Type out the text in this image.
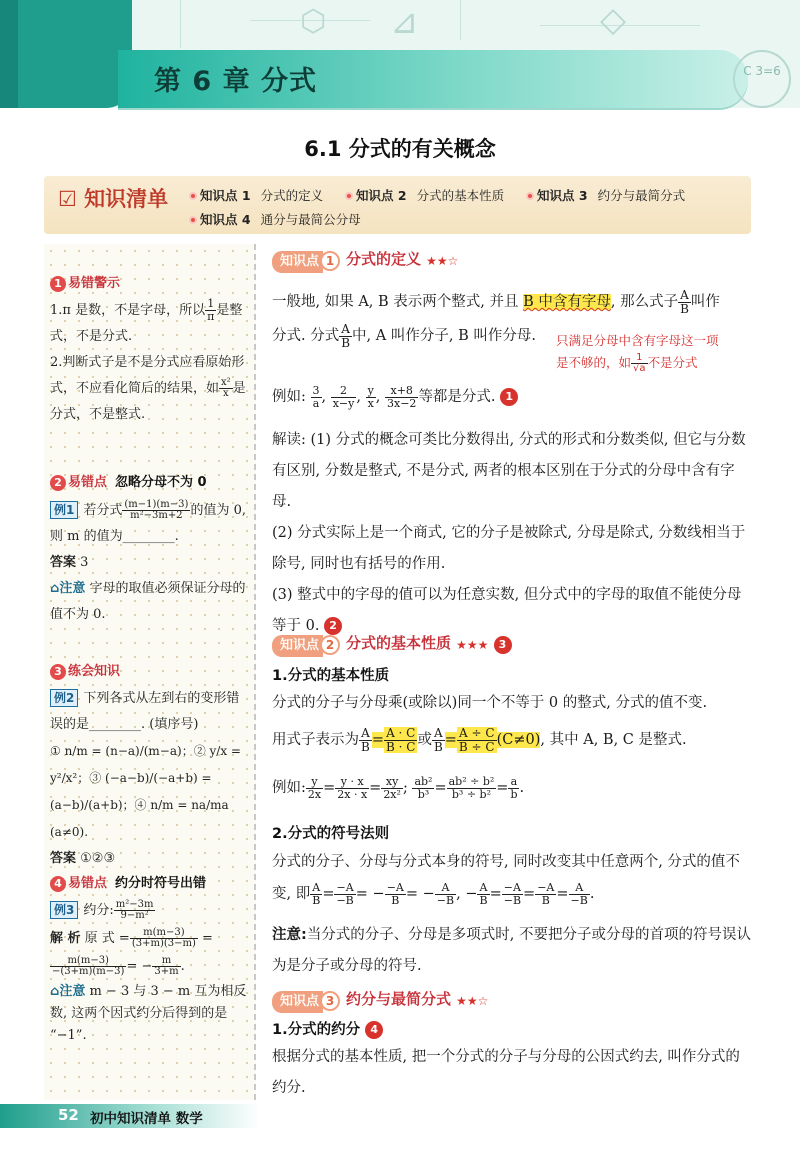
⬡ ⊿	◇
第 6 章 分式	C 3=6
6.1 分式的有关概念
☑ 知识清单	知识点 1 分式的定义	知识点 2 分式的基本性质	知识点 3 约分与最简分式
知识点 4 通分与最简公分母
1 易错警示
1.π 是数，不是字母，所以 $\frac{1}{\pi}$ 是整式，不是分式.
2.判断式子是不是分式应看原始形式，不应看化简后的结果，如 $\frac{\text{x²}}{x}$ 是分式，不是整式.
2 易错点 忽略分母不为 0
例1 若分式 $\frac{(m-1)(m-3)}{\text{m²−3m+2}}$ 的值为 0, 则 m 的值为________.
答案 3
⌂注意 字母的取值必须保证分母的值不为 0.
3 练会知识
例2 下列各式从左到右的变形错误的是________. (填序号)
① n/m = (n−a)/(m−a)；② y/x = y²/x²；③ (−a−b)/(−a+b) =
(a−b)/(a+b)；④ n/m = na/ma (a≠0).
答案 ①②③
4 易错点 约分时符号出错
例3 约分: $\frac{\text{m²−3m}}{\text{9−m²}}$

解 析 原 式 = $\frac{m(m-3)}{(3+m)(3-m)}$ =

$\frac{m(m-3)}{-(3+m)(m-3)}$ = − $\frac{m}{3+m}$ .

⌂注意 m − 3 与 3 − m 互为相反数, 这两个因式约分后得到的是 “−1”.
知识点 1 分式的定义 ★★☆
一般地, 如果 A, B 表示两个整式, 并且 B 中含有字母, 那么式子 $\frac{A}{B}$ 叫作
分式. 分式 $\frac{A}{B}$ 中, A 叫作分子, B 叫作分母.	只满足分母中含有字母这一项
是不够的，如 $\frac{1}{√a}$ 不是分式
例如: $\frac{3}{a}$ , $\frac{2}{x-y}$ , $\frac{y}{x}$ , $\frac{x+8}{3x-2}$ 等都是分式. 1
解读: (1) 分式的概念可类比分数得出, 分式的形式和分数类似, 但它与分数有区别, 分数是整式, 不是分式, 两者的根本区别在于分式的分母中含有字母.
(2) 分式实际上是一个商式, 它的分子是被除式, 分母是除式, 分数线相当于除号, 同时也有括号的作用.
(3) 整式中的字母的值可以为任意实数, 但分式中的字母的取值不能使分母等于 0. 2
知识点 2 分式的基本性质 ★★★ 3
1.分式的基本性质
分式的分子与分母乘(或除以)同一个不等于 0 的整式, 分式的值不变.
用式子表示为 $\frac{A}{B} = \frac{A \cdot C}{B \cdot C}$ 或 $\frac{A}{B} = \frac{A \div C}{B \div C} (C\ne 0)$, 其中 A, B, C 是整式.
例如: $\frac{y}{2x} = \frac{y \cdot x}{2x \cdot x} = \frac{xy}{\text{2x²}}$ ; $\frac{\text{ab²}}{\text{b³}} = \frac{\text{ab² ÷ b²}}{\text{b³ ÷ b²}} = \frac{a}{b}$ .
2.分式的符号法则
分式的分子、分母与分式本身的符号, 同时改变其中任意两个, 分式的值不变, 即 $\frac{A}{B} = \frac{-A}{-B}$ = − $\frac{-A}{B}$ = − $\frac{A}{-B}$ , − $\frac{A}{B} = \frac{-A}{-B} = \frac{-A}{B} = \frac{A}{-B}$ .
注意:当分式的分子、分母是多项式时, 不要把分子或分母的首项的符号误认为是分子或分母的符号.
知识点 3 约分与最简分式 ★★☆
1.分式的约分 4
根据分式的基本性质, 把一个分式的分子与分母的公因式约去, 叫作分式的约分.
52 初中知识清单 数学
